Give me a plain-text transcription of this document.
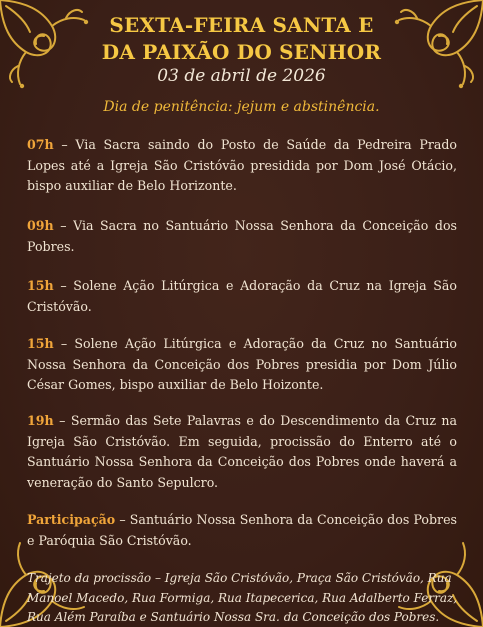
SEXTA-FEIRA SANTA E
DA PAIXÃO DO SENHOR
03 de abril de 2026
Dia de penitência: jejum e abstinência.
07h – Via Sacra saindo do Posto de Saúde da Pedreira Prado Lopes até a Igreja São Cristóvão presidida por Dom José Otácio, bispo auxiliar de Belo Horizonte.
09h – Via Sacra no Santuário Nossa Senhora da Conceição dos Pobres.
15h – Solene Ação Litúrgica e Adoração da Cruz na Igreja São Cristóvão.
15h – Solene Ação Litúrgica e Adoração da Cruz no Santuário Nossa Senhora da Conceição dos Pobres presidia por Dom Júlio César Gomes, bispo auxiliar de Belo Hoizonte.
19h – Sermão das Sete Palavras e do Descendimento da Cruz na Igreja São Cristóvão. Em seguida, procissão do Enterro até o Santuário Nossa Senhora da Conceição dos Pobres onde haverá a veneração do Santo Sepulcro.
Participação – Santuário Nossa Senhora da Conceição dos Pobres e Paróquia São Cristóvão.
Trajeto da procissão – Igreja São Cristóvão, Praça São Cristóvão, Rua Manoel Macedo, Rua Formiga, Rua Itapecerica, Rua Adalberto Ferraz, Rua Além Paraíba e Santuário Nossa Sra. da Conceição dos Pobres.
